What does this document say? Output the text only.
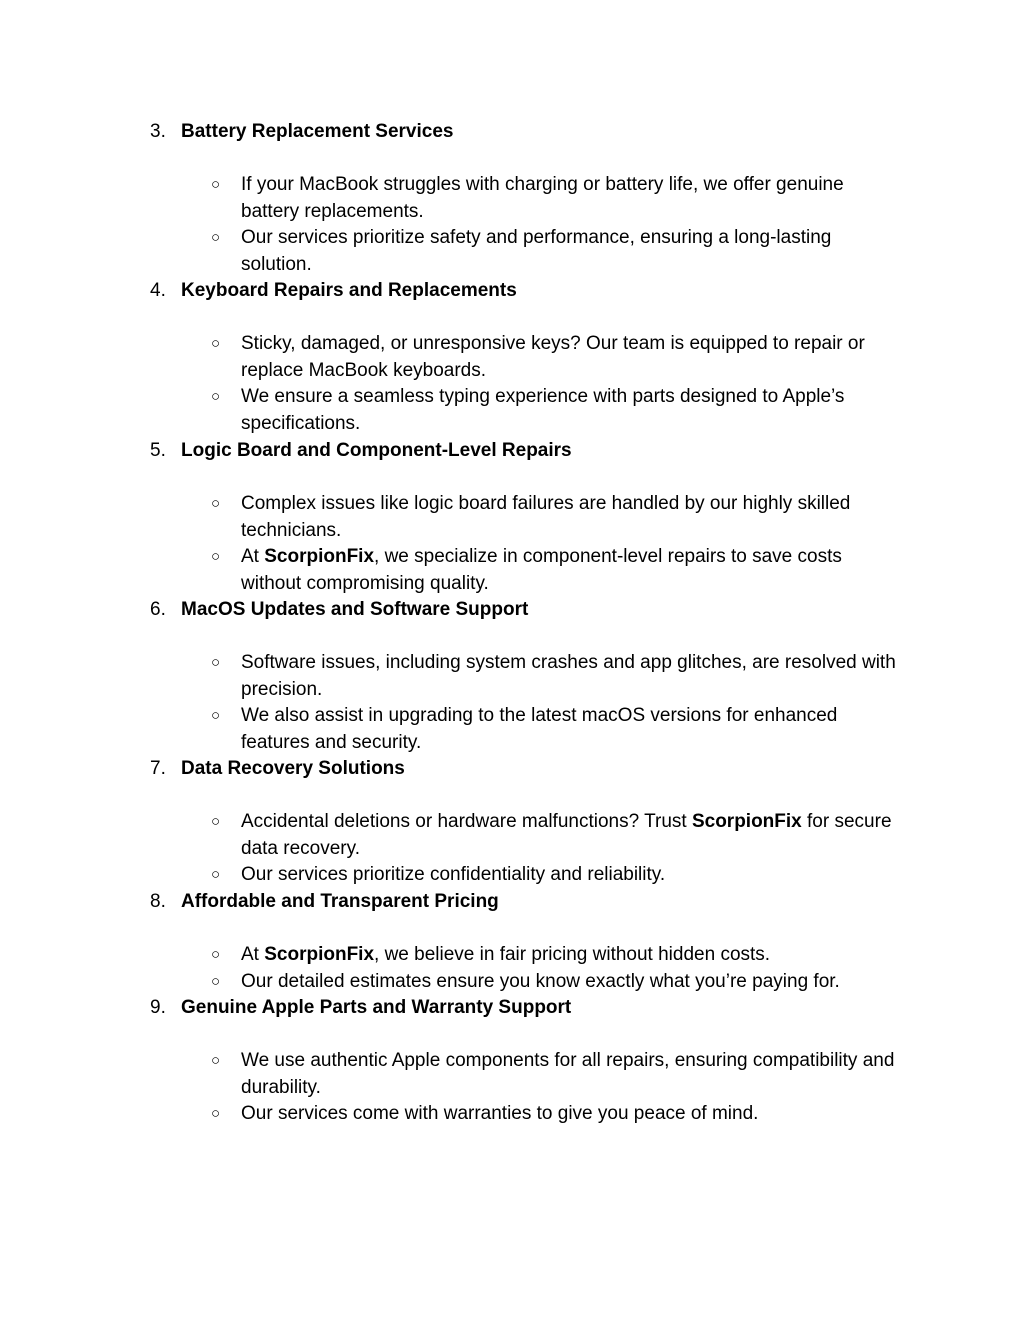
3. Battery Replacement Services
○ If your MacBook struggles with charging or battery life, we offer genuine battery replacements.
○ Our services prioritize safety and performance, ensuring a long-lasting solution.
4. Keyboard Repairs and Replacements
○ Sticky, damaged, or unresponsive keys? Our team is equipped to repair or replace MacBook keyboards.
○ We ensure a seamless typing experience with parts designed to Apple’s specifications.
5. Logic Board and Component-Level Repairs
○ Complex issues like logic board failures are handled by our highly skilled technicians.
○ At ScorpionFix, we specialize in component-level repairs to save costs without compromising quality.
6. MacOS Updates and Software Support
○ Software issues, including system crashes and app glitches, are resolved with precision.
○ We also assist in upgrading to the latest macOS versions for enhanced features and security.
7. Data Recovery Solutions
○ Accidental deletions or hardware malfunctions? Trust ScorpionFix for secure data recovery.
○ Our services prioritize confidentiality and reliability.
8. Affordable and Transparent Pricing
○ At ScorpionFix, we believe in fair pricing without hidden costs.
○ Our detailed estimates ensure you know exactly what you’re paying for.
9. Genuine Apple Parts and Warranty Support
○ We use authentic Apple components for all repairs, ensuring compatibility and durability.
○ Our services come with warranties to give you peace of mind.
